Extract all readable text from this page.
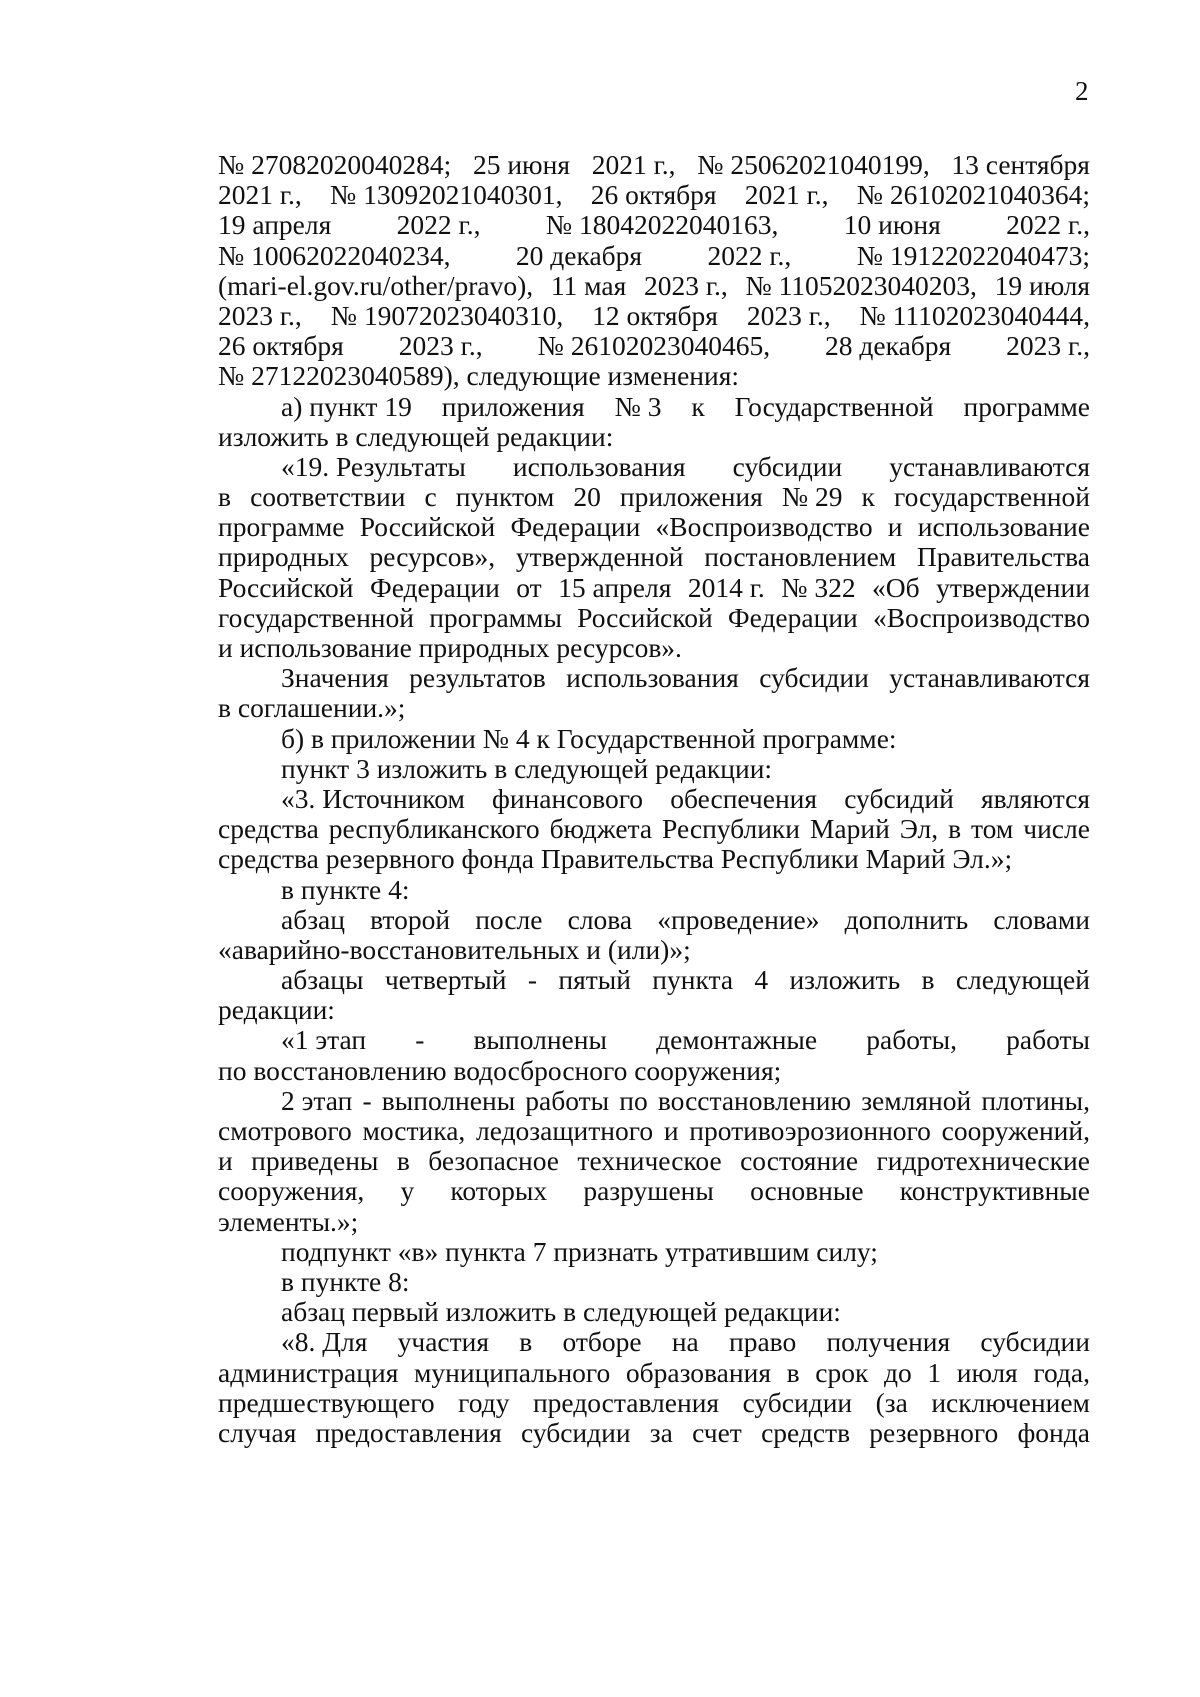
2
№ 27082020040284; 25 июня 2021 г., № 25062021040199, 13 сентября
2021 г., № 13092021040301, 26 октября 2021 г., № 26102021040364;
19 апреля 2022 г., № 18042022040163, 10 июня 2022 г.,
№ 10062022040234, 20 декабря 2022 г., № 19122022040473;
(mari-el.gov.ru/other/pravo), 11 мая 2023 г., № 11052023040203, 19 июля
2023 г., № 19072023040310, 12 октября 2023 г., № 11102023040444,
26 октября 2023 г., № 26102023040465, 28 декабря 2023 г.,
№ 27122023040589), следующие изменения:
а) пункт 19 приложения № 3 к Государственной программе
изложить в следующей редакции:
«19. Результаты использования субсидии устанавливаются
в соответствии с пунктом 20 приложения № 29 к государственной
программе Российской Федерации «Воспроизводство и использование
природных ресурсов», утвержденной постановлением Правительства
Российской Федерации от 15 апреля 2014 г. № 322 «Об утверждении
государственной программы Российской Федерации «Воспроизводство
и использование природных ресурсов».
Значения результатов использования субсидии устанавливаются
в соглашении.»;
б) в приложении № 4 к Государственной программе:
пункт 3 изложить в следующей редакции:
«3. Источником финансового обеспечения субсидий являются
средства республиканского бюджета Республики Марий Эл, в том числе
средства резервного фонда Правительства Республики Марий Эл.»;
в пункте 4:
абзац второй после слова «проведение» дополнить словами
«аварийно-восстановительных и (или)»;
абзацы четвертый - пятый пункта 4 изложить в следующей
редакции:
«1 этап - выполнены демонтажные работы, работы
по восстановлению водосбросного сооружения;
2 этап - выполнены работы по восстановлению земляной плотины,
смотрового мостика, ледозащитного и противоэрозионного сооружений,
и приведены в безопасное техническое состояние гидротехнические
сооружения, у которых разрушены основные конструктивные
элементы.»;
подпункт «в» пункта 7 признать утратившим силу;
в пункте 8:
абзац первый изложить в следующей редакции:
«8. Для участия в отборе на право получения субсидии
администрация муниципального образования в срок до 1 июля года,
предшествующего году предоставления субсидии (за исключением
случая предоставления субсидии за счет средств резервного фонда
